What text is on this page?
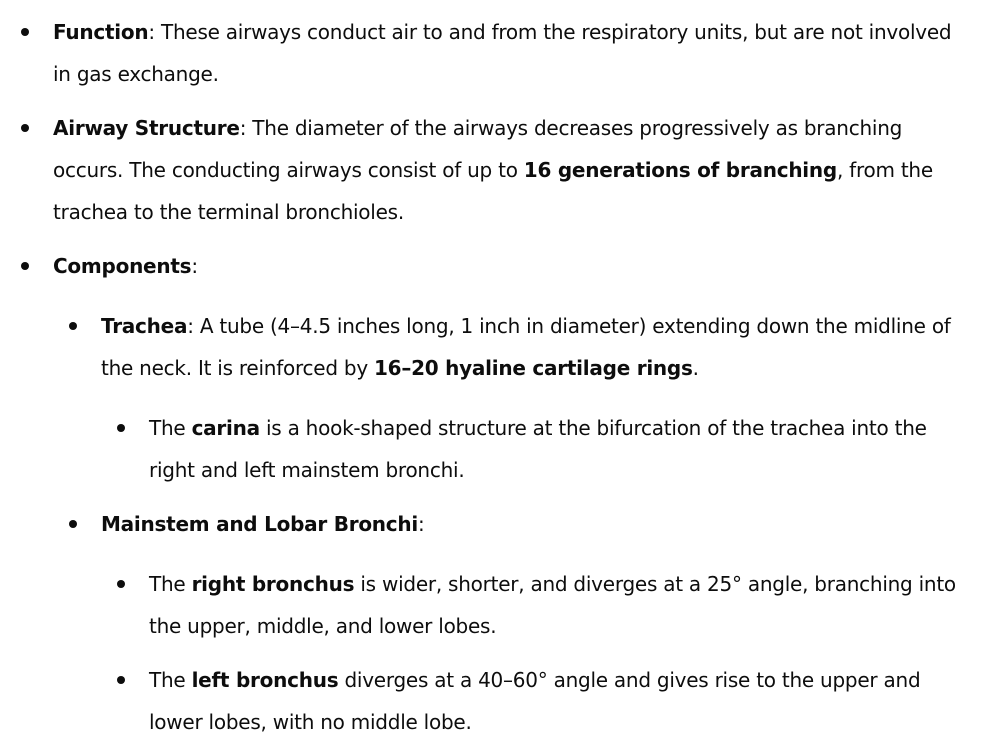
Function: These airways conduct air to and from the respiratory units, but are not involved in gas exchange.

Airway Structure: The diameter of the airways decreases progressively as branching occurs. The conducting airways consist of up to 16 generations of branching, from the trachea to the terminal bronchioles.

Components:

Trachea: A tube (4–4.5 inches long, 1 inch in diameter) extending down the midline of the neck. It is reinforced by 16–20 hyaline cartilage rings.

The carina is a hook-shaped structure at the bifurcation of the trachea into the right and left mainstem bronchi.

Mainstem and Lobar Bronchi:

The right bronchus is wider, shorter, and diverges at a 25° angle, branching into the upper, middle, and lower lobes.

The left bronchus diverges at a 40–60° angle and gives rise to the upper and lower lobes, with no middle lobe.
